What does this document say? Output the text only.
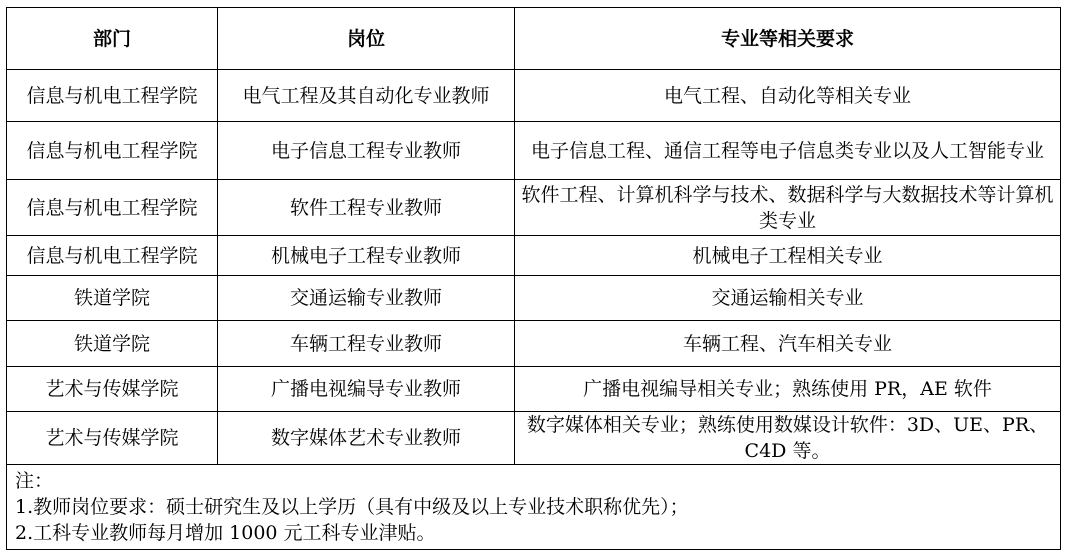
部门	岗位	专业等相关要求
信息与机电工程学院	电气工程及其自动化专业教师	电气工程、自动化等相关专业
信息与机电工程学院	电子信息工程专业教师	电子信息工程、通信工程等电子信息类专业以及人工智能专业
信息与机电工程学院	软件工程专业教师	软件工程、计算机科学与技术、数据科学与大数据技术等计算机类专业
信息与机电工程学院	机械电子工程专业教师	机械电子工程相关专业
铁道学院	交通运输专业教师	交通运输相关专业
铁道学院	车辆工程专业教师	车辆工程、汽车相关专业
艺术与传媒学院	广播电视编导专业教师	广播电视编导相关专业；熟练使用 PR，AE 软件
艺术与传媒学院	数字媒体艺术专业教师	数字媒体相关专业；熟练使用数媒设计软件：3D、UE、PR、C4D 等。

注：
1.教师岗位要求：硕士研究生及以上学历（具有中级及以上专业技术职称优先）；
2.工科专业教师每月增加 1000 元工科专业津贴。		
